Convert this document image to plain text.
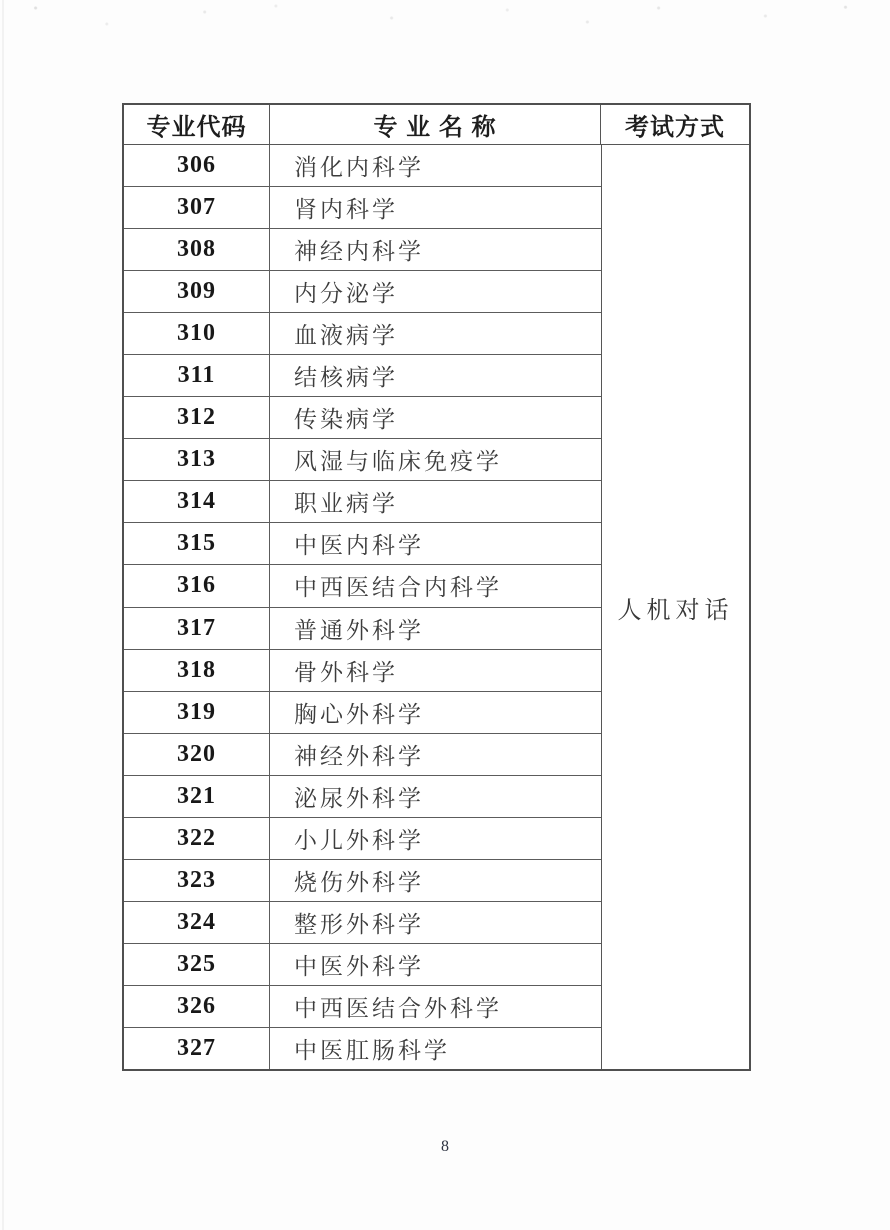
专业代码	专 业 名 称	考试方式
306	消化内科学
307	肾内科学
308	神经内科学
309	内分泌学
310	血液病学
311	结核病学
312	传染病学
313	风湿与临床免疫学
314	职业病学
315	中医内科学
316	中西医结合内科学
317	普通外科学
318	骨外科学
319	胸心外科学
320	神经外科学
321	泌尿外科学
322	小儿外科学
323	烧伤外科学
324	整形外科学
325	中医外科学
326	中西医结合外科学
327	中医肛肠科学
人机对话
8
